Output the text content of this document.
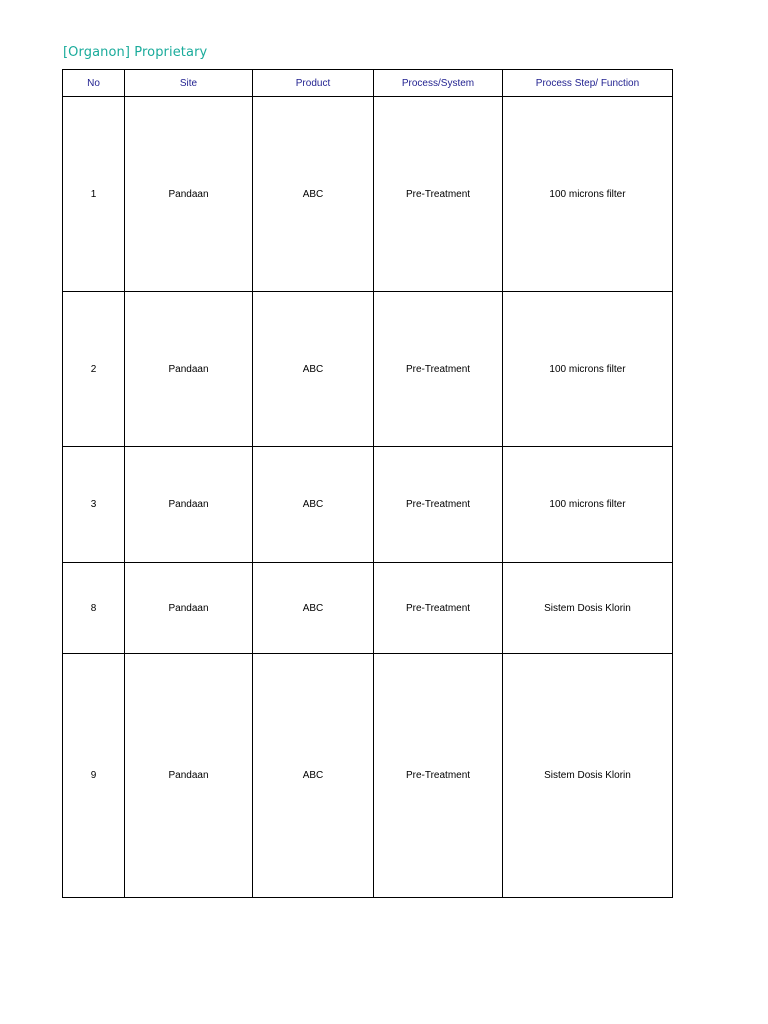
[Organon] Proprietary
No	Site	Product	Process/System	Process Step/ Function
1	Pandaan	ABC	Pre-Treatment	100 microns filter
2	Pandaan	ABC	Pre-Treatment	100 microns filter
3	Pandaan	ABC	Pre-Treatment	100 microns filter
8	Pandaan	ABC	Pre-Treatment	Sistem Dosis Klorin
9	Pandaan	ABC	Pre-Treatment	Sistem Dosis Klorin
